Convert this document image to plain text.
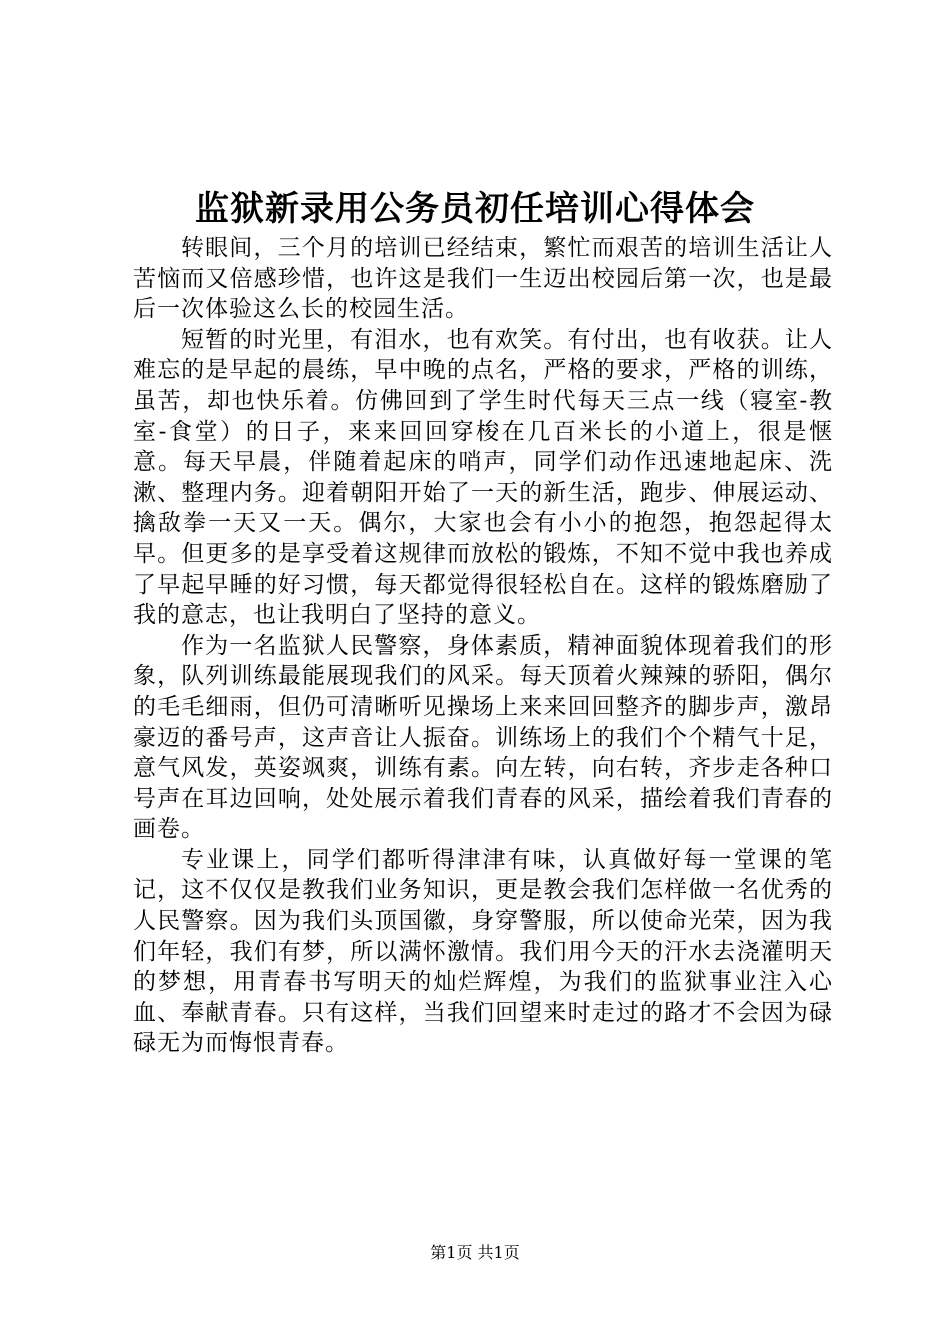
监狱新录用公务员初任培训心得体会

转眼间，三个月的培训已经结束，繁忙而艰苦的培训生活让人苦恼而又倍感珍惜，也许这是我们一生迈出校园后第一次，也是最后一次体验这么长的校园生活。

短暂的时光里，有泪水，也有欢笑。有付出，也有收获。让人难忘的是早起的晨练，早中晚的点名，严格的要求，严格的训练，虽苦，却也快乐着。仿佛回到了学生时代每天三点一线（寝室-教室-食堂）的日子，来来回回穿梭在几百米长的小道上，很是惬意。每天早晨，伴随着起床的哨声，同学们动作迅速地起床、洗漱、整理内务。迎着朝阳开始了一天的新生活，跑步、伸展运动、擒敌拳一天又一天。偶尔，大家也会有小小的抱怨，抱怨起得太早。但更多的是享受着这规律而放松的锻炼，不知不觉中我也养成了早起早睡的好习惯，每天都觉得很轻松自在。这样的锻炼磨励了我的意志，也让我明白了坚持的意义。

作为一名监狱人民警察，身体素质，精神面貌体现着我们的形象，队列训练最能展现我们的风采。每天顶着火辣辣的骄阳，偶尔的毛毛细雨，但仍可清晰听见操场上来来回回整齐的脚步声，激昂豪迈的番号声，这声音让人振奋。训练场上的我们个个精气十足，意气风发，英姿飒爽，训练有素。向左转，向右转，齐步走各种口号声在耳边回响，处处展示着我们青春的风采，描绘着我们青春的画卷。

专业课上，同学们都听得津津有味，认真做好每一堂课的笔记，这不仅仅是教我们业务知识，更是教会我们怎样做一名优秀的人民警察。因为我们头顶国徽，身穿警服，所以使命光荣，因为我们年轻，我们有梦，所以满怀激情。我们用今天的汗水去浇灌明天的梦想，用青春书写明天的灿烂辉煌，为我们的监狱事业注入心血、奉献青春。只有这样，当我们回望来时走过的路才不会因为碌碌无为而悔恨青春。

第1页 共1页
